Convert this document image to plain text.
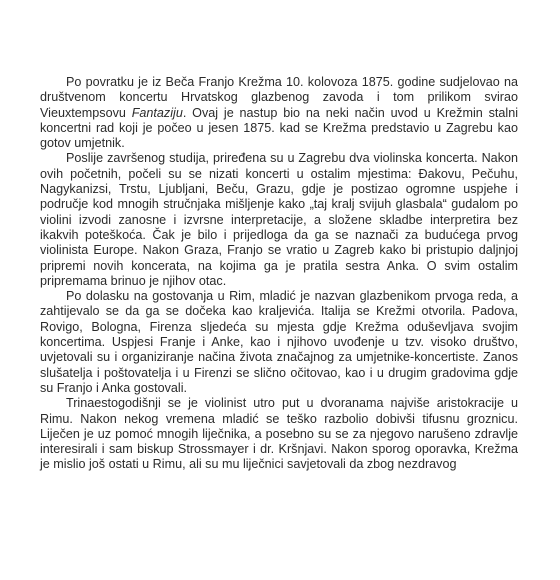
Po povratku je iz Beča Franjo Krežma 10. kolovoza 1875. godine sudjelovao na društvenom koncertu Hrvatskog glazbenog zavoda i tom prilikom svirao Vieuxtempsovu Fantaziju. Ovaj je nastup bio na neki način uvod u Krežmin stalni koncertni rad koji je počeo u jesen 1875. kad se Krežma predstavio u Zagrebu kao gotov umjetnik.

Poslije završenog studija, priređena su u Zagrebu dva violinska koncerta. Nakon ovih početnih, počeli su se nizati koncerti u ostalim mjestima: Đakovu, Pečuhu, Nagykanizsi, Trstu, Ljubljani, Beču, Grazu, gdje je postizao ogromne uspjehe i područje kod mnogih stručnjaka mišljenje kako „taj kralj svijuh glasbala“ gudalom po violini izvodi zanosne i izvrsne interpretacije, a složene skladbe interpretira bez ikakvih poteškoća. Čak je bilo i prijedloga da ga se naznači za budućega prvog violinista Europe. Nakon Graza, Franjo se vratio u Zagreb kako bi pristupio daljnjoj pripremi novih koncerata, na kojima ga je pratila sestra Anka. O svim ostalim pripremama brinuo je njihov otac.

Po dolasku na gostovanja u Rim, mladić je nazvan glazbenikom prvoga reda, a zahtijevalo se da ga se dočeka kao kraljevića. Italija se Krežmi otvorila. Padova, Rovigo, Bologna, Firenza sljedeća su mjesta gdje Krežma oduševljava svojim koncertima. Uspjesi Franje i Anke, kao i njihovo uvođenje u tzv. visoko društvo, uvjetovali su i organiziranje načina života značajnog za umjetnike-koncertiste. Zanos slušatelja i poštovatelja i u Firenzi se slično očitovao, kao i u drugim gradovima gdje su Franjo i Anka gostovali.

Trinaestogodišnji se je violinist utro put u dvoranama najviše aristokracije u Rimu. Nakon nekog vremena mladić se teško razbolio dobivši tifusnu groznicu. Liječen je uz pomoć mnogih liječnika, a posebno su se za njegovo narušeno zdravlje interesirali i sam biskup Strossmayer i dr. Kršnjavi. Nakon sporog oporavka, Krežma je mislio još ostati u Rimu, ali su mu liječnici savjetovali da zbog nezdravog
